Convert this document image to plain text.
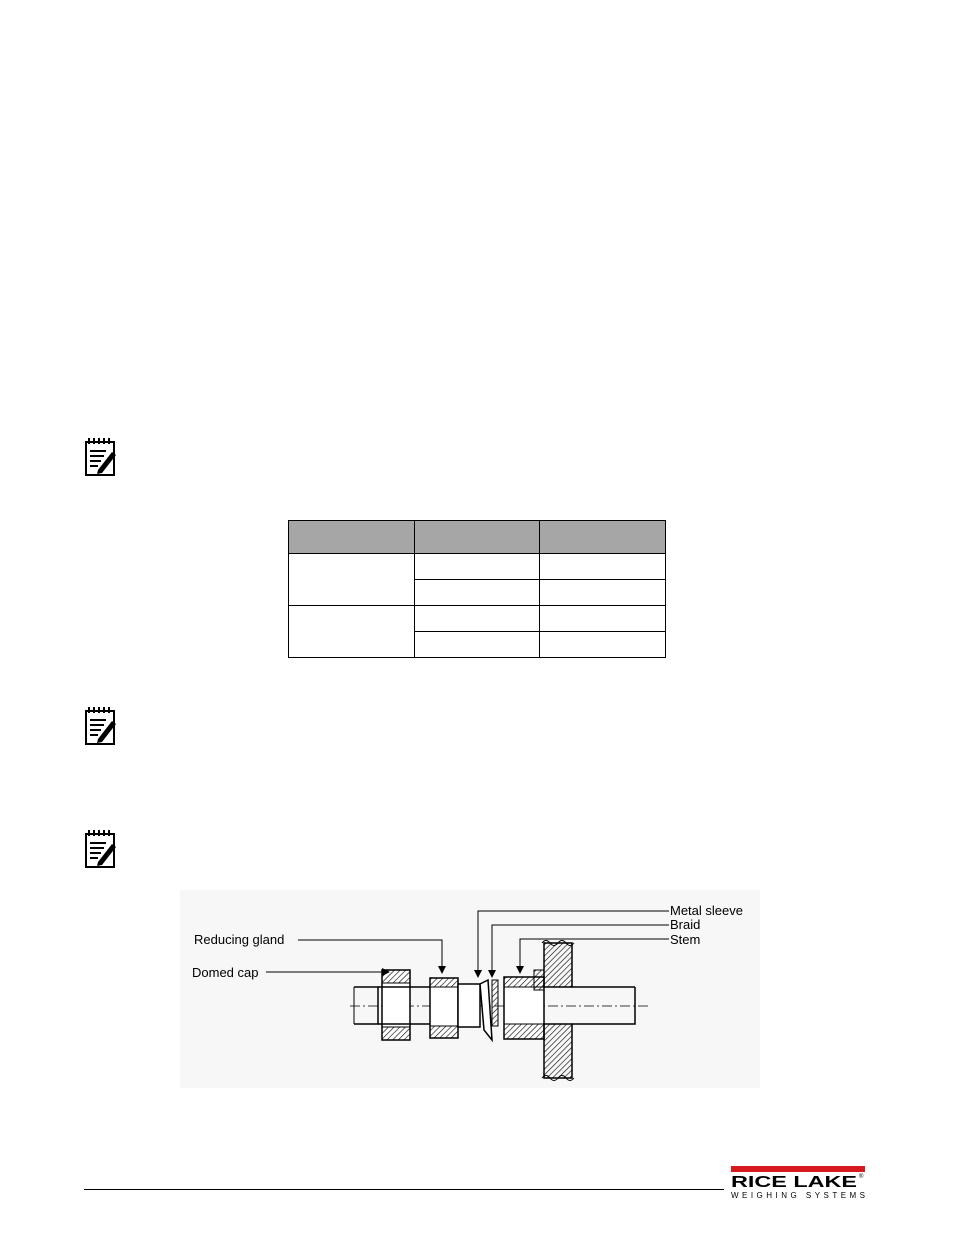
Metal sleeve
Braid
Stem
Reducing gland
Domed cap
RICE LAKE ®
WEIGHING SYSTEMS
